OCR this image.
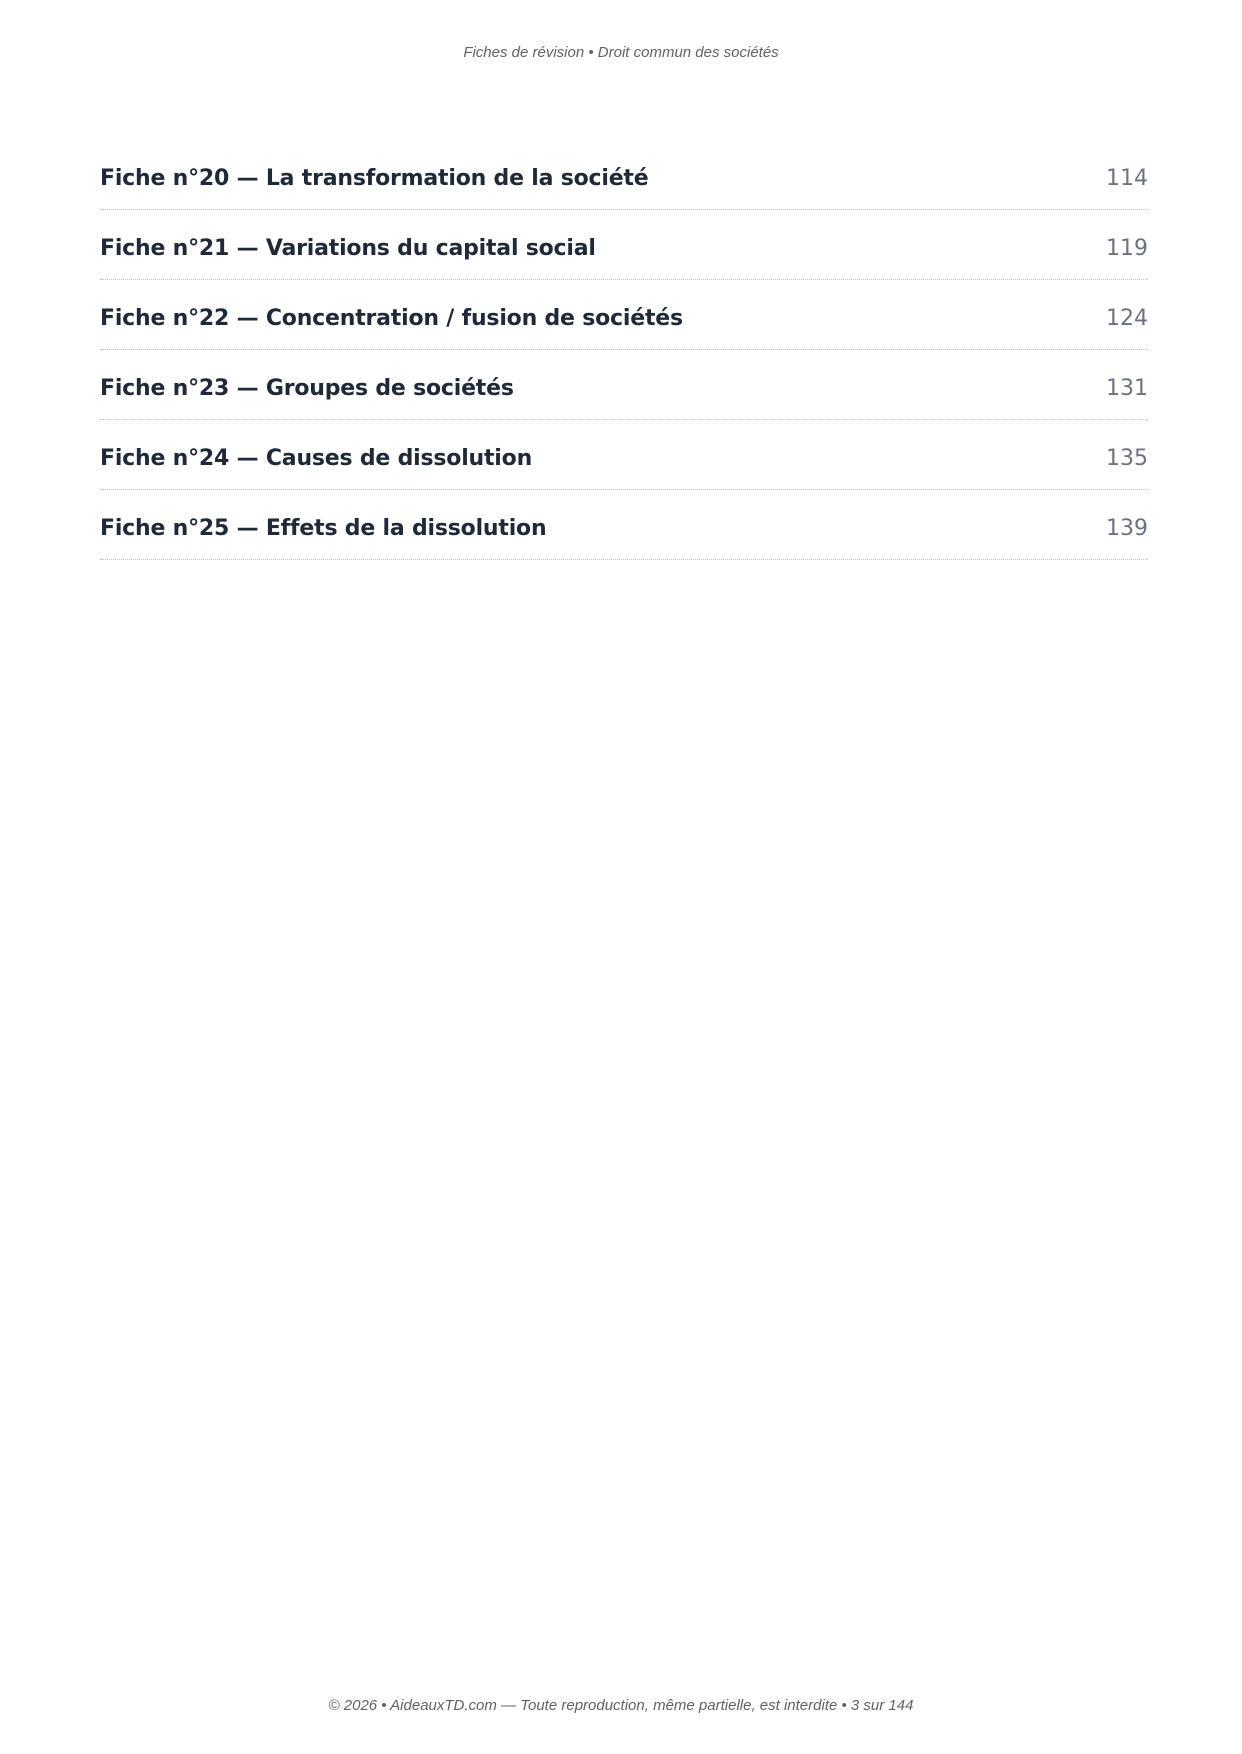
Fiches de révision • Droit commun des sociétés
Fiche n°20 — La transformation de la société	114
Fiche n°21 — Variations du capital social	119
Fiche n°22 — Concentration / fusion de sociétés	124
Fiche n°23 — Groupes de sociétés	131
Fiche n°24 — Causes de dissolution	135
Fiche n°25 — Effets de la dissolution	139
© 2026 • AideauxTD.com — Toute reproduction, même partielle, est interdite • 3 sur 144
